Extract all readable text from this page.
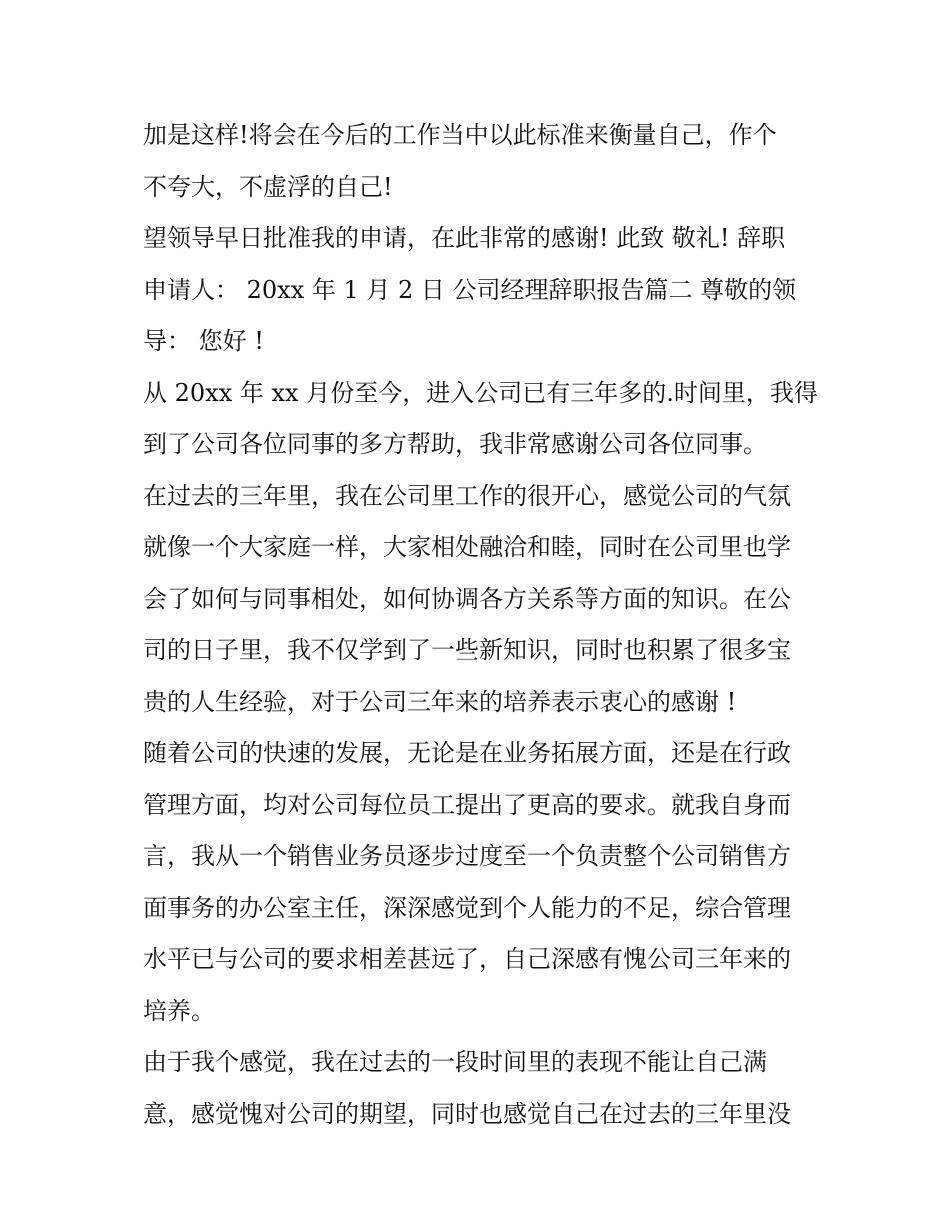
加是这样!将会在今后的工作当中以此标准来衡量自己，作个
不夸大，不虚浮的自己!
望领导早日批准我的申请，在此非常的感谢! 此致 敬礼! 辞职
申请人： 20xx 年 1 月 2 日 公司经理辞职报告篇二 尊敬的领
导： 您好 !
从 20xx 年 xx 月份至今，进入公司已有三年多的.时间里，我得
到了公司各位同事的多方帮助，我非常感谢公司各位同事。
在过去的三年里，我在公司里工作的很开心，感觉公司的气氛
就像一个大家庭一样，大家相处融洽和睦，同时在公司里也学
会了如何与同事相处，如何协调各方关系等方面的知识。在公
司的日子里，我不仅学到了一些新知识，同时也积累了很多宝
贵的人生经验，对于公司三年来的培养表示衷心的感谢 !
随着公司的快速的发展，无论是在业务拓展方面，还是在行政
管理方面，均对公司每位员工提出了更高的要求。就我自身而
言，我从一个销售业务员逐步过度至一个负责整个公司销售方
面事务的办公室主任，深深感觉到个人能力的不足，综合管理
水平已与公司的要求相差甚远了，自己深感有愧公司三年来的
培养。
由于我个感觉，我在过去的一段时间里的表现不能让自己满
意，感觉愧对公司的期望，同时也感觉自己在过去的三年里没
